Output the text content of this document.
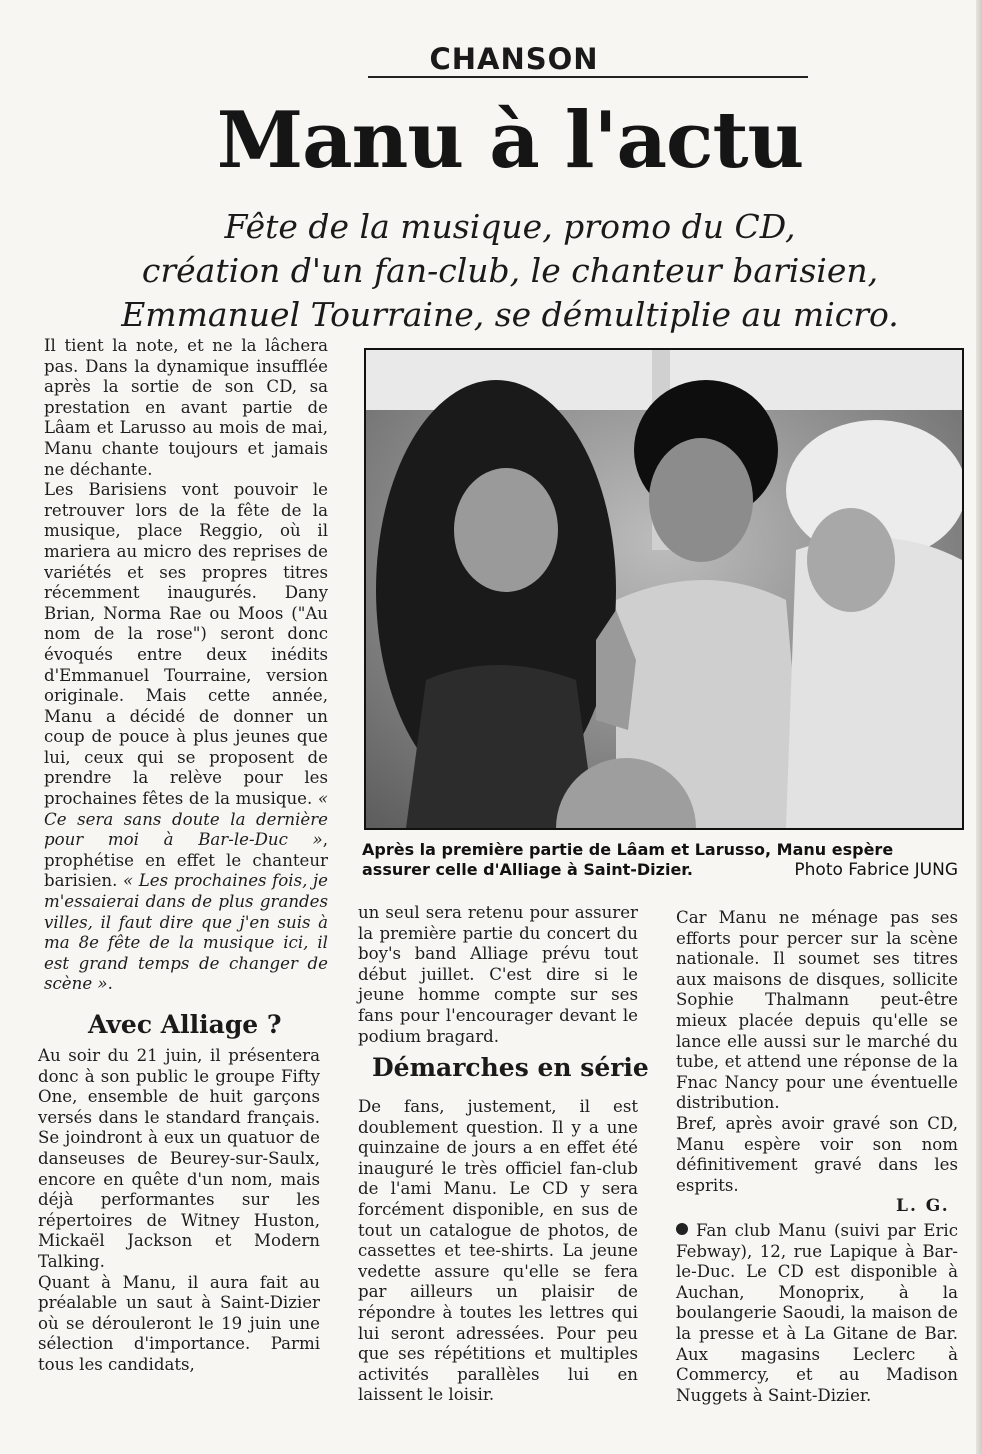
CHANSON
Manu à l'actu
Fête de la musique, promo du CD,
création d'un fan-club, le chanteur barisien,
Emmanuel Tourraine, se démultiplie au micro.

Il tient la note, et ne la lâchera pas. Dans la dynamique insufflée après la sortie de son CD, sa prestation en avant partie de Lâam et Larusso au mois de mai, Manu chante toujours et jamais ne déchante.

Les Barisiens vont pouvoir le retrouver lors de la fête de la musique, place Reggio, où il mariera au micro des reprises de variétés et ses propres titres récemment inaugurés. Dany Brian, Norma Rae ou Moos ("Au nom de la rose") seront donc évoqués entre deux inédits d'Emmanuel Tourraine, version originale. Mais cette année, Manu a décidé de donner un coup de pouce à plus jeunes que lui, ceux qui se proposent de prendre la relève pour les prochaines fêtes de la musique. « Ce sera sans doute la dernière pour moi à Bar-le-Duc », prophétise en effet le chanteur barisien. « Les prochaines fois, je m'essaierai dans de plus grandes villes, il faut dire que j'en suis à ma 8e fête de la musique ici, il est grand temps de changer de scène ».

Avec Alliage ?

Au soir du 21 juin, il présentera donc à son public le groupe Fifty One, ensemble de huit garçons versés dans le standard français. Se joindront à eux un quatuor de danseuses de Beurey-sur-Saulx, encore en quête d'un nom, mais déjà performantes sur les répertoires de Witney Huston, Mickaël Jackson et Modern Talking.

Quant à Manu, il aura fait au préalable un saut à Saint-Dizier où se dérouleront le 19 juin une sélection d'importance. Parmi tous les candidats,

Après la première partie de Lâam et Larusso, Manu espère assurer celle d'Alliage à Saint-Dizier.	Photo Fabrice JUNG

un seul sera retenu pour assurer la première partie du concert du boy's band Alliage prévu tout début juillet. C'est dire si le jeune homme compte sur ses fans pour l'encourager devant le podium bragard.

Démarches en série

De fans, justement, il est doublement question. Il y a une quinzaine de jours a en effet été inauguré le très officiel fan-club de l'ami Manu. Le CD y sera forcément disponible, en sus de tout un catalogue de photos, de cassettes et tee-shirts. La jeune vedette assure qu'elle se fera par ailleurs un plaisir de répondre à toutes les lettres qui lui seront adressées. Pour peu que ses répétitions et multiples activités parallèles lui en laissent le loisir.

Car Manu ne ménage pas ses efforts pour percer sur la scène nationale. Il soumet ses titres aux maisons de disques, sollicite Sophie Thalmann peut-être mieux placée depuis qu'elle se lance elle aussi sur le marché du tube, et attend une réponse de la Fnac Nancy pour une éventuelle distribution.

Bref, après avoir gravé son CD, Manu espère voir son nom définitivement gravé dans les esprits.

L. G.

Fan club Manu (suivi par Eric Febway), 12, rue Lapique à Bar-le-Duc. Le CD est disponible à Auchan, Monoprix, à la boulangerie Saoudi, la maison de la presse et à La Gitane de Bar. Aux magasins Leclerc à Commercy, et au Madison Nuggets à Saint-Dizier.
